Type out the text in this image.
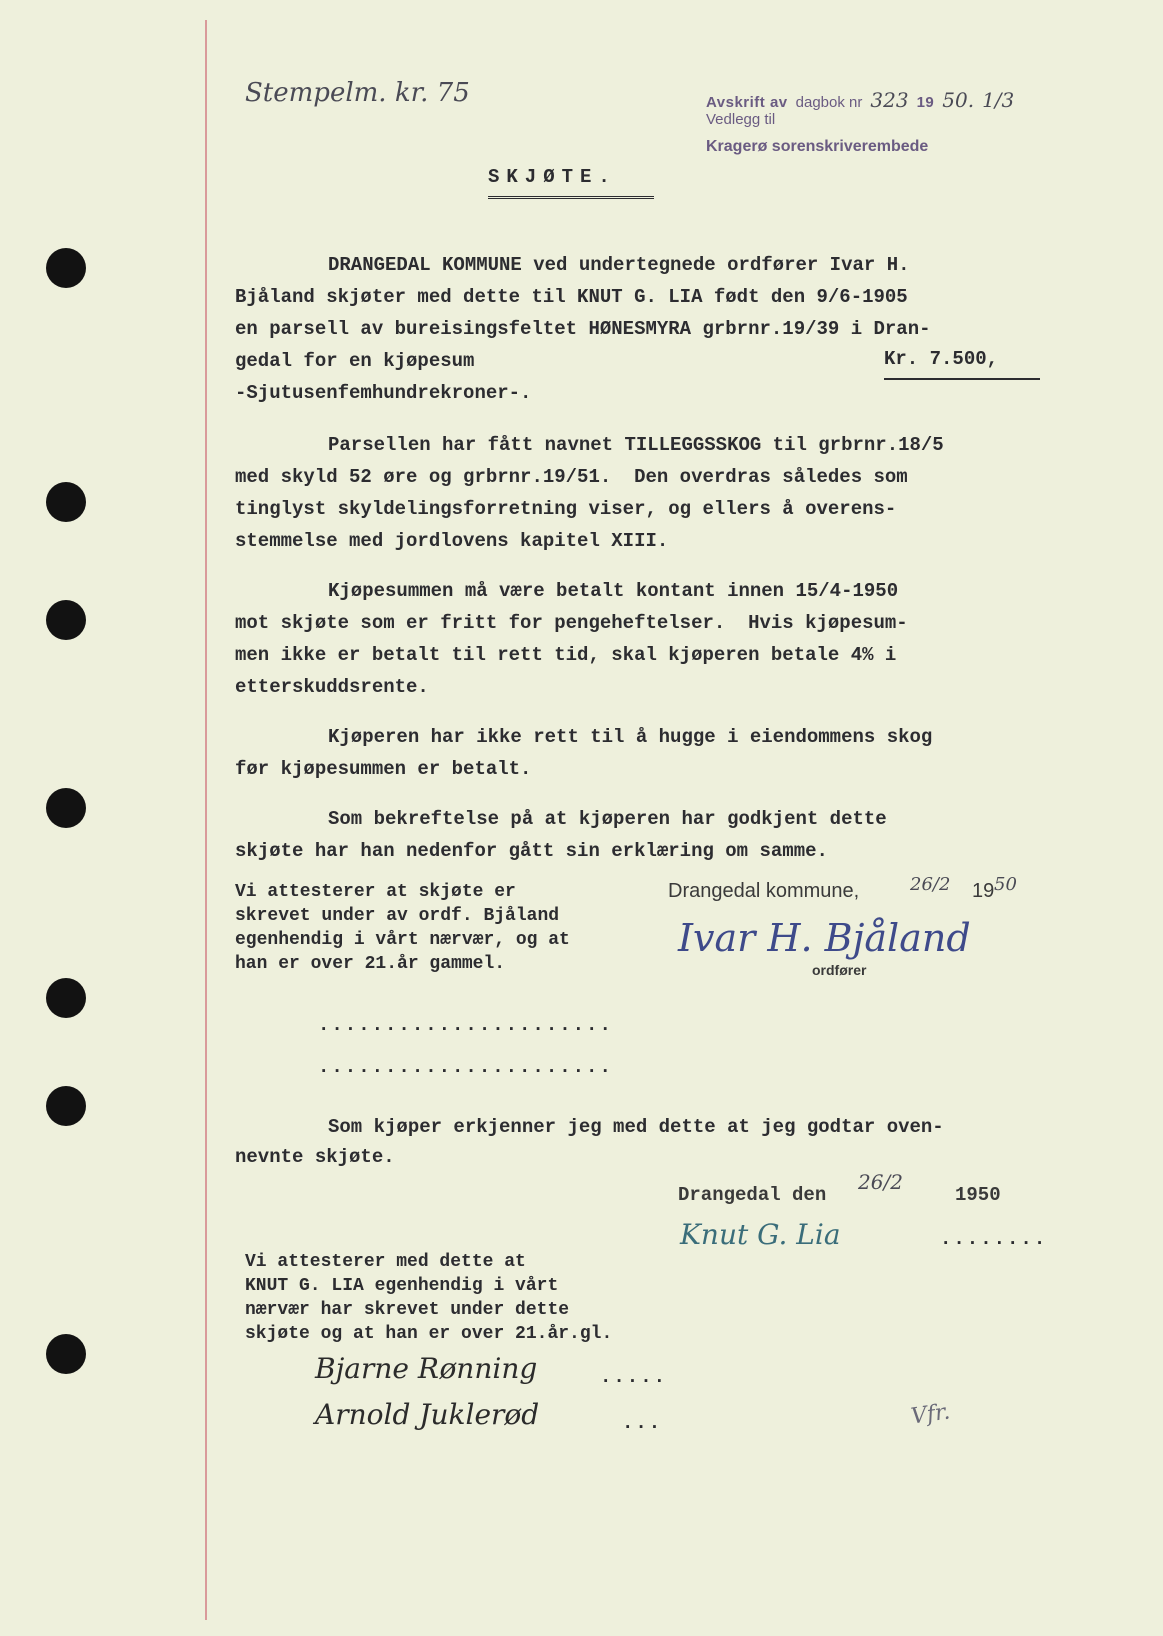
Stempelm. kr. 75	Avskrift av
Vedlegg til
dagbok nr 323 19 50. 1/3
Kragerø sorenskriverembede
SKJØTE.
DRANGEDAL KOMMUNE ved undertegnede ordfører Ivar H.
Bjåland skjøter med dette til KNUT G. LIA født den 9/6-1905
en parsell av bureisingsfeltet HØNESMYRA grbrnr.19/39 i Dran-
gedal for en kjøpesum	Kr. 7.500,
-Sjutusenfemhundrekroner-.
Parsellen har fått navnet TILLEGGSSKOG til grbrnr.18/5
med skyld 52 øre og grbrnr.19/51.  Den overdras således som
tinglyst skyldelingsforretning viser, og ellers å overens-
stemmelse med jordlovens kapitel XIII.
Kjøpesummen må være betalt kontant innen 15/4-1950
mot skjøte som er fritt for pengeheftelser.  Hvis kjøpesum-
men ikke er betalt til rett tid, skal kjøperen betale 4% i
etterskuddsrente.
Kjøperen har ikke rett til å hugge i eiendommens skog
før kjøpesummen er betalt.
Som bekreftelse på at kjøperen har godkjent dette
skjøte har han nedenfor gått sin erklæring om samme.
Vi attesterer at skjøte er
skrevet under av ordf. Bjåland
egenhendig i vårt nærvær, og at
han er over 21.år gammel.
Drangedal kommune,	26/2 19 50
Ivar H. Bjåland
ordfører
......................
......................
Som kjøper erkjenner jeg med dette at jeg godtar oven-
nevnte skjøte.
Drangedal den
26/2
1950
Knut G. Lia	........
Vi attesterer med dette at
KNUT G. LIA egenhendig i vårt
nærvær har skrevet under dette
skjøte og at han er over 21.år.gl.
Bjarne Rønning	.....
Arnold Juklerød	...	Vfr.
